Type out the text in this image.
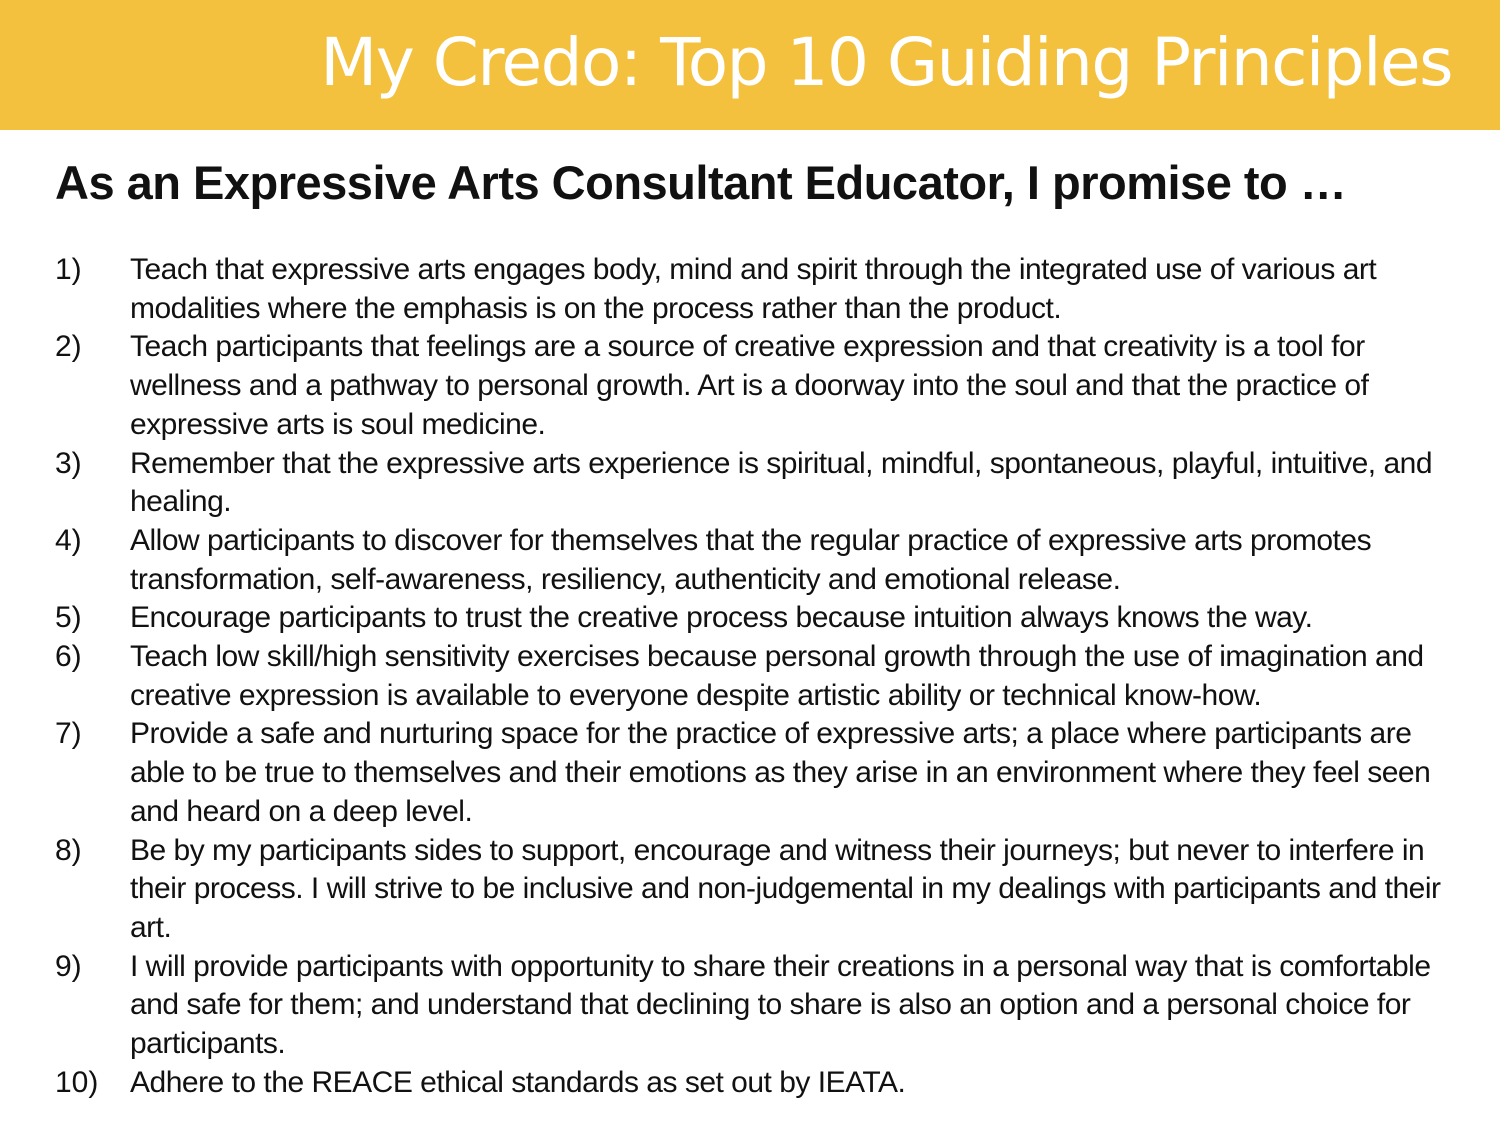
My Credo: Top 10 Guiding Principles
As an Expressive Arts Consultant Educator, I promise to …
1)	Teach that expressive arts engages body, mind and spirit through the integrated use of various art modalities where the emphasis is on the process rather than the product.
2)	Teach participants that feelings are a source of creative expression and that creativity is a tool for wellness and a pathway to personal growth. Art is a doorway into the soul and that the practice of expressive arts is soul medicine.
3)	Remember that the expressive arts experience is spiritual, mindful, spontaneous, playful, intuitive, and healing.
4)	Allow participants to discover for themselves that the regular practice of expressive arts promotes transformation, self-awareness, resiliency, authenticity and emotional release.
5)	Encourage participants to trust the creative process because intuition always knows the way.
6)	Teach low skill/high sensitivity exercises because personal growth through the use of imagination and creative expression is available to everyone despite artistic ability or technical know-how.
7)	Provide a safe and nurturing space for the practice of expressive arts; a place where participants are able to be true to themselves and their emotions as they arise in an environment where they feel seen and heard on a deep level.
8)	Be by my participants sides to support, encourage and witness their journeys; but never to interfere in their process. I will strive to be inclusive and non-judgemental in my dealings with participants and their art.
9)	I will provide participants with opportunity to share their creations in a personal way that is comfortable and safe for them; and understand that declining to share is also an option and a personal choice for participants.
10)	Adhere to the REACE ethical standards as set out by IEATA.
